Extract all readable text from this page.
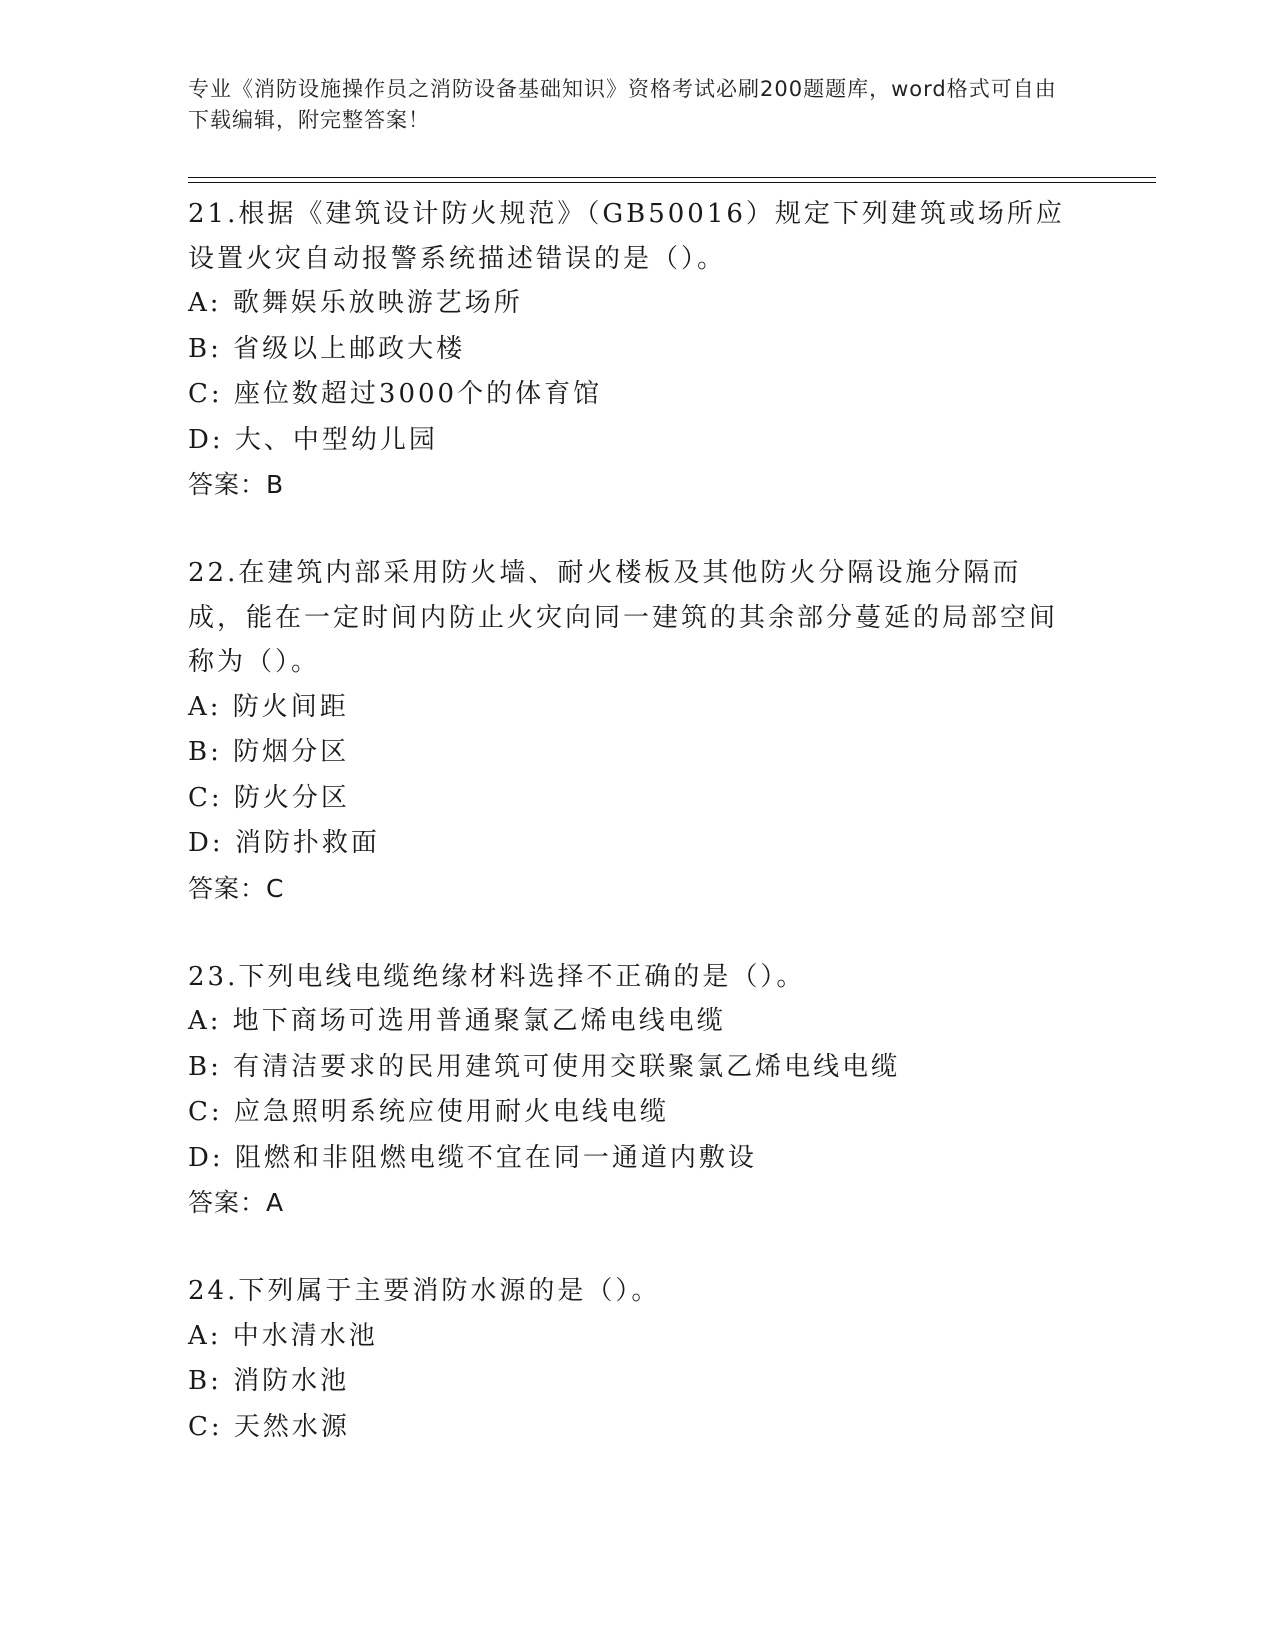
专业《消防设施操作员之消防设备基础知识》资格考试必刷200题题库，word格式可自由下载编辑，附完整答案！

21.根据《建筑设计防火规范》（GB50016）规定下列建筑或场所应设置火灾自动报警系统描述错误的是（）。

A: 歌舞娱乐放映游艺场所

B: 省级以上邮政大楼

C: 座位数超过3000个的体育馆

D: 大、中型幼儿园

答案：B

22.在建筑内部采用防火墙、耐火楼板及其他防火分隔设施分隔而成，能在一定时间内防止火灾向同一建筑的其余部分蔓延的局部空间称为（）。

A: 防火间距

B: 防烟分区

C: 防火分区

D: 消防扑救面

答案：C

23.下列电线电缆绝缘材料选择不正确的是（）。

A: 地下商场可选用普通聚氯乙烯电线电缆

B: 有清洁要求的民用建筑可使用交联聚氯乙烯电线电缆

C: 应急照明系统应使用耐火电线电缆

D: 阻燃和非阻燃电缆不宜在同一通道内敷设

答案：A

24.下列属于主要消防水源的是（）。

A: 中水清水池

B: 消防水池

C: 天然水源
